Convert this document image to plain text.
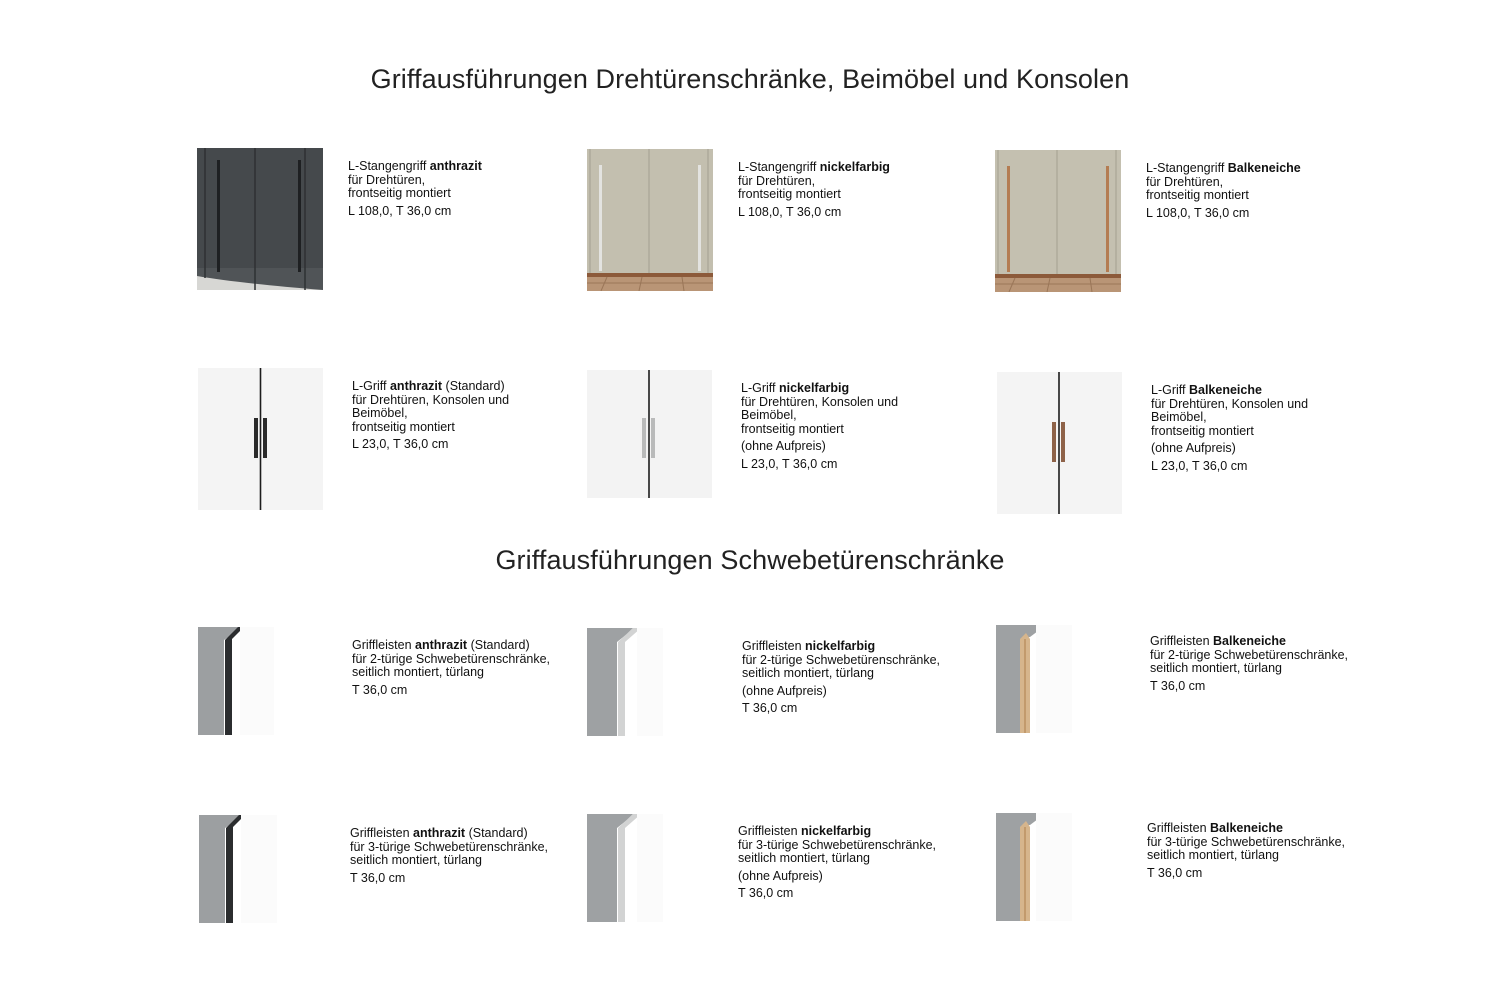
Griffausführungen Drehtürenschränke, Beimöbel und Konsolen
Griffausführungen Schwebetürenschränke
L-Stangengriff anthrazit
für Drehtüren,
frontseitig montiert
L 108,0, T 36,0 cm
L-Stangengriff nickelfarbig
für Drehtüren,
frontseitig montiert
L 108,0, T 36,0 cm
L-Stangengriff Balkeneiche
für Drehtüren,
frontseitig montiert
L 108,0, T 36,0 cm
L-Griff anthrazit (Standard)
für Drehtüren, Konsolen und
Beimöbel,
frontseitig montiert
L 23,0, T 36,0 cm
L-Griff nickelfarbig
für Drehtüren, Konsolen und
Beimöbel,
frontseitig montiert
(ohne Aufpreis)
L 23,0, T 36,0 cm
L-Griff Balkeneiche
für Drehtüren, Konsolen und
Beimöbel,
frontseitig montiert
(ohne Aufpreis)
L 23,0, T 36,0 cm
Griffleisten anthrazit (Standard)
für 2-türige Schwebetürenschränke,
seitlich montiert, türlang
T 36,0 cm
Griffleisten nickelfarbig
für 2-türige Schwebetürenschränke,
seitlich montiert, türlang
(ohne Aufpreis)
T 36,0 cm
Griffleisten Balkeneiche
für 2-türige Schwebetürenschränke,
seitlich montiert, türlang
T 36,0 cm
Griffleisten anthrazit (Standard)
für 3-türige Schwebetürenschränke,
seitlich montiert, türlang
T 36,0 cm
Griffleisten nickelfarbig
für 3-türige Schwebetürenschränke,
seitlich montiert, türlang
(ohne Aufpreis)
T 36,0 cm
Griffleisten Balkeneiche
für 3-türige Schwebetürenschränke,
seitlich montiert, türlang
T 36,0 cm
